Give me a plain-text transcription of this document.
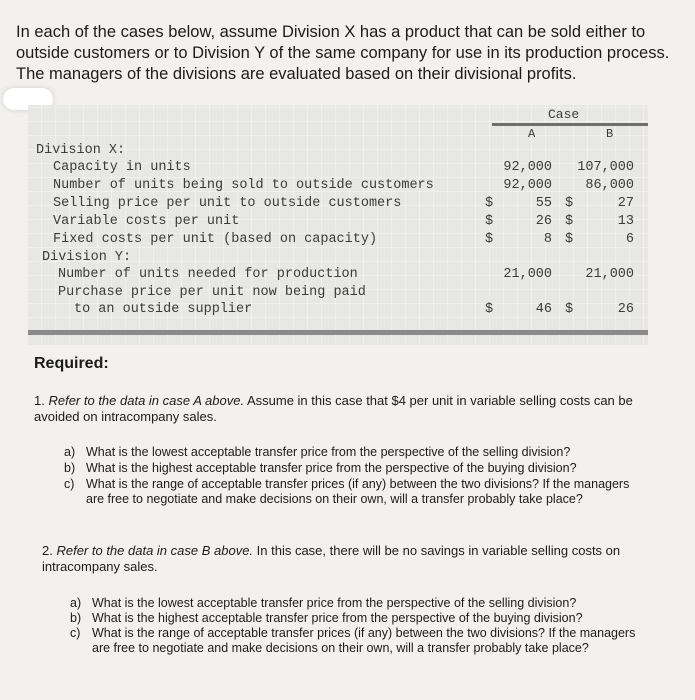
In each of the cases below, assume Division X has a product that can be sold either to outside customers or to Division Y of the same company for use in its production process. The managers of the divisions are evaluated based on their divisional profits.

Case
A	B
Division X:
Capacity in units	92,000 107,000
Number of units being sold to outside customers	92,000 86,000
Selling price per unit to outside customers	$	55 $	27
Variable costs per unit	$	26 $	13
Fixed costs per unit (based on capacity)	$	8 $	6
Division Y:
Number of units needed for production	21,000 21,000
Purchase price per unit now being paid
to an outside supplier	$	46 $	26
Required:

1. Refer to the data in case A above. Assume in this case that $4 per unit in variable selling costs can be avoided on intracompany sales.

a) What is the lowest acceptable transfer price from the perspective of the selling division?
b) What is the highest acceptable transfer price from the perspective of the buying division?
c) What is the range of acceptable transfer prices (if any) between the two divisions? If the managers are free to negotiate and make decisions on their own, will a transfer probably take place?

2. Refer to the data in case B above. In this case, there will be no savings in variable selling costs on intracompany sales.

a) What is the lowest acceptable transfer price from the perspective of the selling division?
b) What is the highest acceptable transfer price from the perspective of the buying division?
c) What is the range of acceptable transfer prices (if any) between the two divisions? If the managers are free to negotiate and make decisions on their own, will a transfer probably take place?
